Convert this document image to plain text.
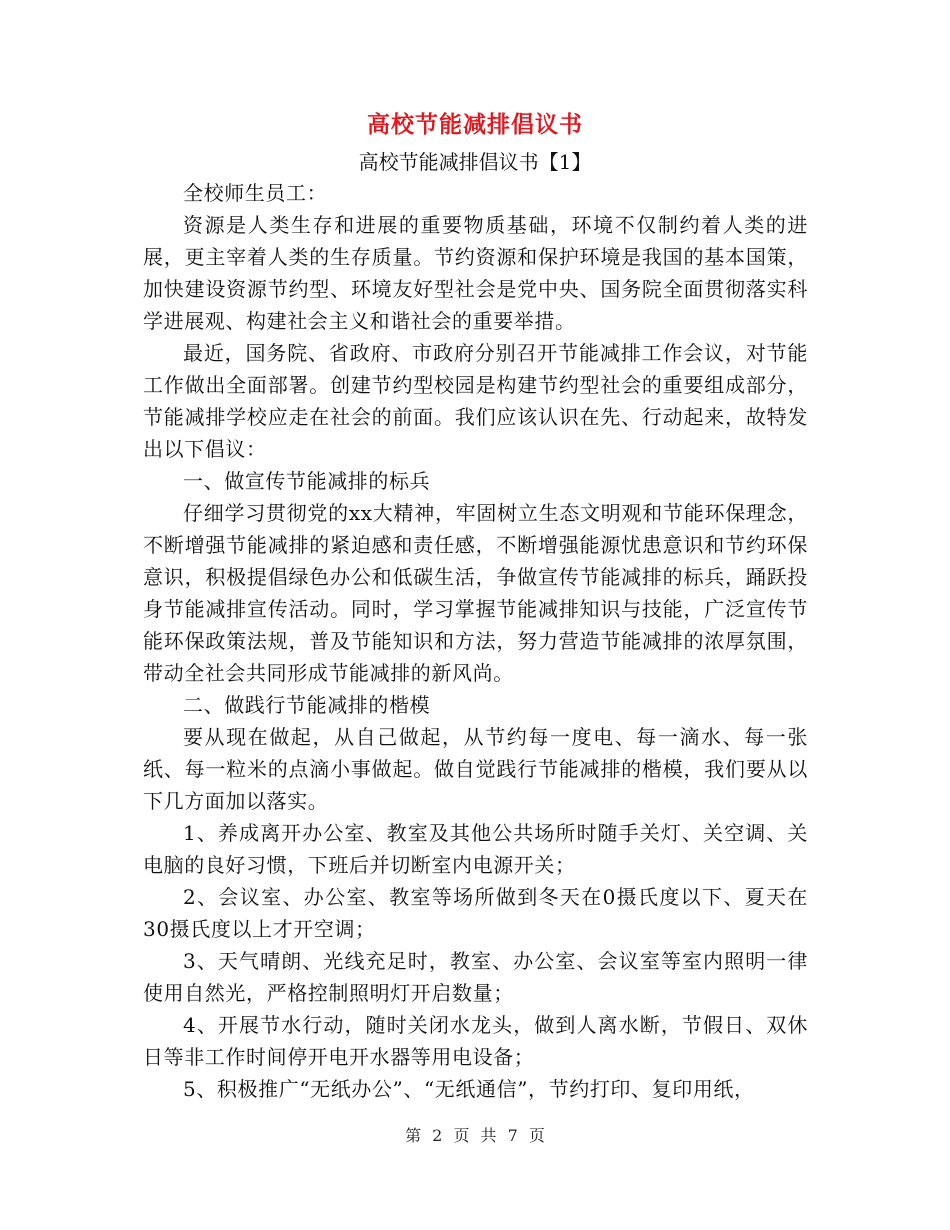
高校节能减排倡议书
高校节能减排倡议书【1】

全校师生员工：

资源是人类生存和进展的重要物质基础，环境不仅制约着人类的进展，更主宰着人类的生存质量。节约资源和保护环境是我国的基本国策，加快建设资源节约型、环境友好型社会是党中央、国务院全面贯彻落实科学进展观、构建社会主义和谐社会的重要举措。

最近，国务院、省政府、市政府分别召开节能减排工作会议，对节能工作做出全面部署。创建节约型校园是构建节约型社会的重要组成部分，节能减排学校应走在社会的前面。我们应该认识在先、行动起来，故特发出以下倡议：

一、做宣传节能减排的标兵

仔细学习贯彻党的xx大精神，牢固树立生态文明观和节能环保理念，不断增强节能减排的紧迫感和责任感，不断增强能源忧患意识和节约环保意识，积极提倡绿色办公和低碳生活，争做宣传节能减排的标兵，踊跃投身节能减排宣传活动。同时，学习掌握节能减排知识与技能，广泛宣传节能环保政策法规，普及节能知识和方法，努力营造节能减排的浓厚氛围，带动全社会共同形成节能减排的新风尚。

二、做践行节能减排的楷模

要从现在做起，从自己做起，从节约每一度电、每一滴水、每一张纸、每一粒米的点滴小事做起。做自觉践行节能减排的楷模，我们要从以下几方面加以落实。

1、养成离开办公室、教室及其他公共场所时随手关灯、关空调、关电脑的良好习惯，下班后并切断室内电源开关；

2、会议室、办公室、教室等场所做到冬天在0摄氏度以下、夏天在30摄氏度以上才开空调；

3、天气晴朗、光线充足时，教室、办公室、会议室等室内照明一律使用自然光，严格控制照明灯开启数量；

4、开展节水行动，随时关闭水龙头，做到人离水断，节假日、双休日等非工作时间停开电开水器等用电设备；

5、积极推广“无纸办公”、“无纸通信”，节约打印、复印用纸，

第 2 页 共 7 页
